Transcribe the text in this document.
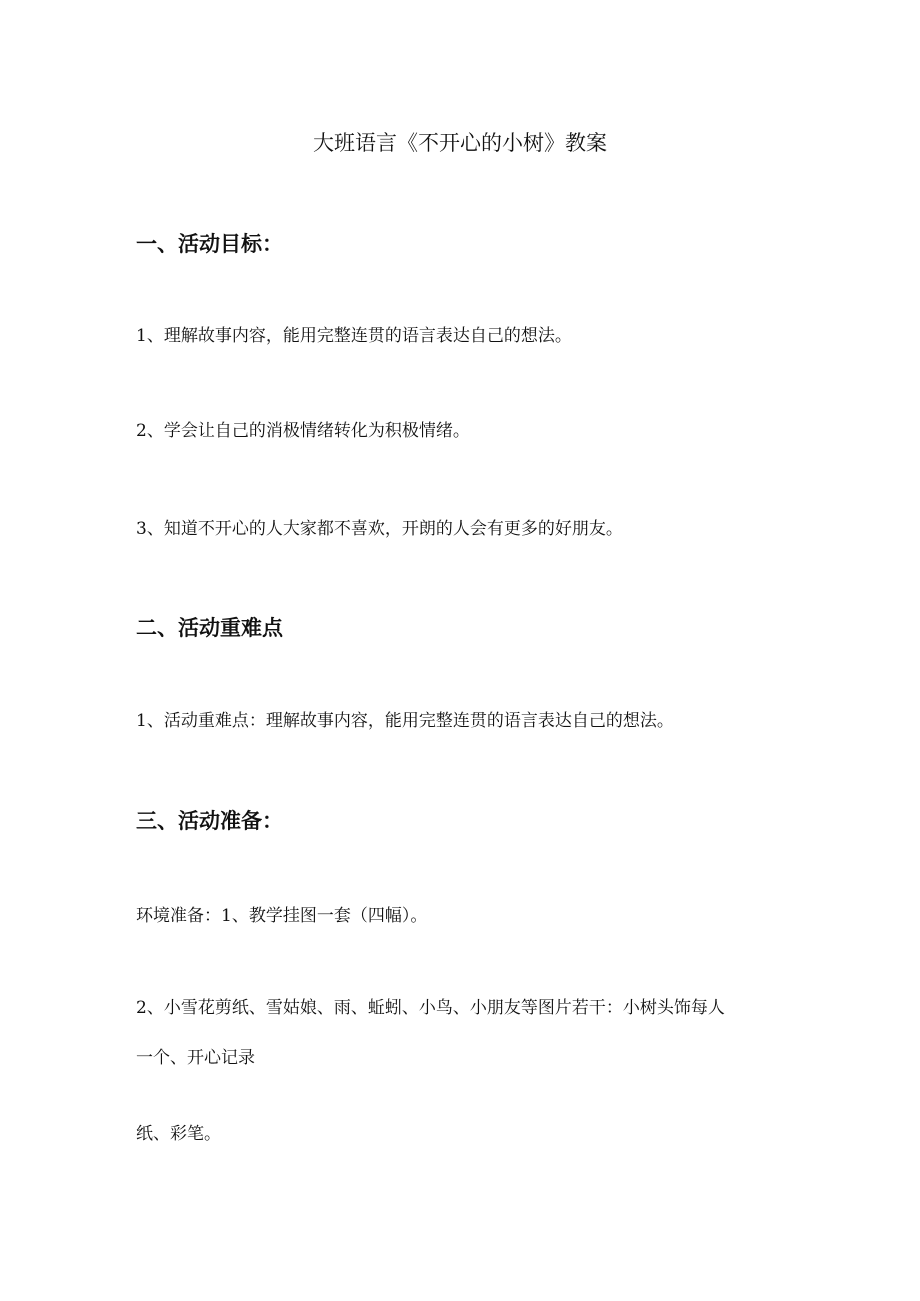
大班语言《不开心的小树》教案
一、活动目标：
1、理解故事内容，能用完整连贯的语言表达自己的想法。
2、学会让自己的消极情绪转化为积极情绪。
3、知道不开心的人大家都不喜欢，开朗的人会有更多的好朋友。
二、活动重难点
1、活动重难点：理解故事内容，能用完整连贯的语言表达自己的想法。
三、活动准备：
环境准备：1、教学挂图一套（四幅）。
2、小雪花剪纸、雪姑娘、雨、蚯蚓、小鸟、小朋友等图片若干：小树头饰每人
一个、开心记录
纸、彩笔。
